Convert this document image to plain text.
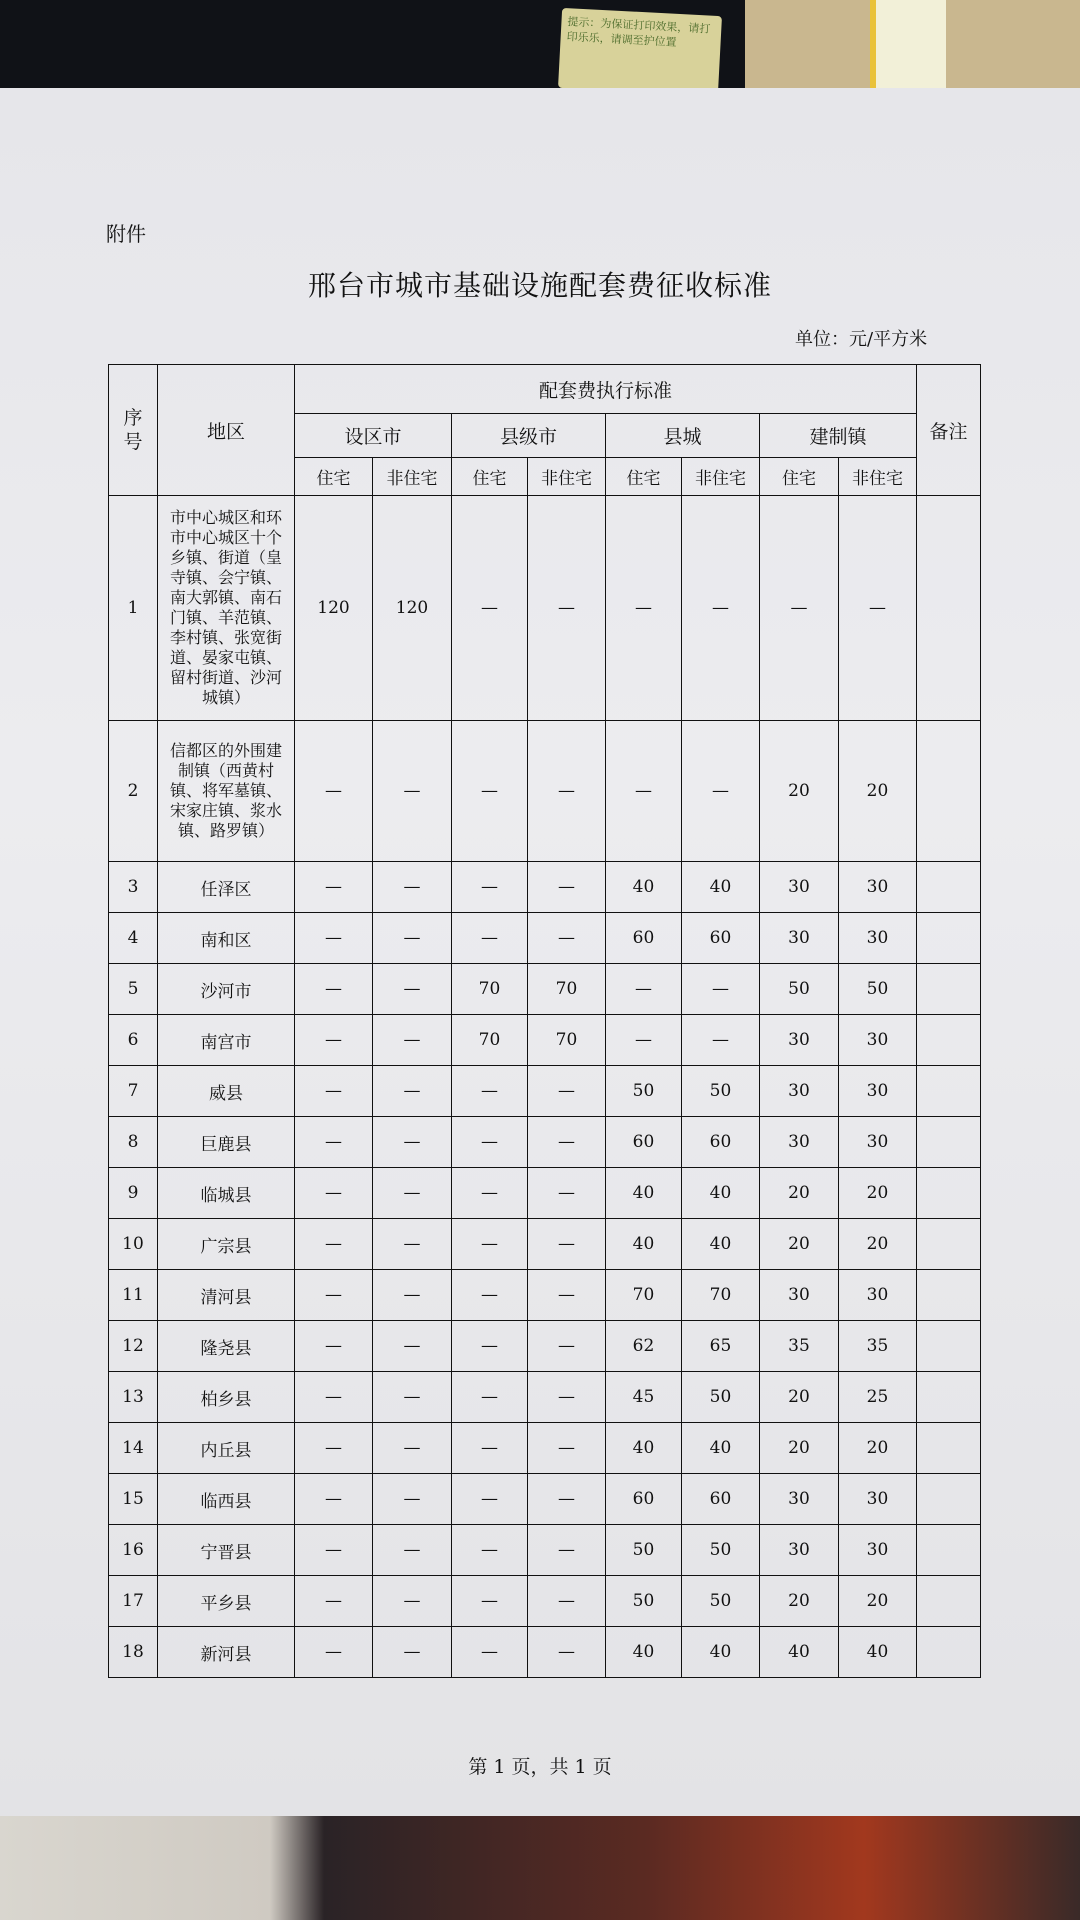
提示：为保证打印效果，请打印乐乐，请调至护位置
附件
邢台市城市基础设施配套费征收标准
单位：元/平方米
序号	地区	配套费执行标准								备注
		设区市		县级市		县城		建制镇		
		住宅	非住宅	住宅	非住宅	住宅	非住宅	住宅	非住宅	
1	市中心城区和环市中心城区十个乡镇、街道（皇寺镇、会宁镇、南大郭镇、南石门镇、羊范镇、李村镇、张宽街道、晏家屯镇、留村街道、沙河城镇）	120	120	—	—	—	—	—	—	
2	信都区的外围建制镇（西黄村镇、将军墓镇、宋家庄镇、浆水镇、路罗镇）	—	—	—	—	—	—	20	20	
3	任泽区	—	—	—	—	40	40	30	30	
4	南和区	—	—	—	—	60	60	30	30	
5	沙河市	—	—	70	70	—	—	50	50	
6	南宫市	—	—	70	70	—	—	30	30	
7	威县	—	—	—	—	50	50	30	30	
8	巨鹿县	—	—	—	—	60	60	30	30	
9	临城县	—	—	—	—	40	40	20	20	
10	广宗县	—	—	—	—	40	40	20	20	
11	清河县	—	—	—	—	70	70	30	30	
12	隆尧县	—	—	—	—	62	65	35	35	
13	柏乡县	—	—	—	—	45	50	20	25	
14	内丘县	—	—	—	—	40	40	20	20	
15	临西县	—	—	—	—	60	60	30	30	
16	宁晋县	—	—	—	—	50	50	30	30	
17	平乡县	—	—	—	—	50	50	20	20	
18	新河县	—	—	—	—	40	40	40	40	
第 1 页，共 1 页
